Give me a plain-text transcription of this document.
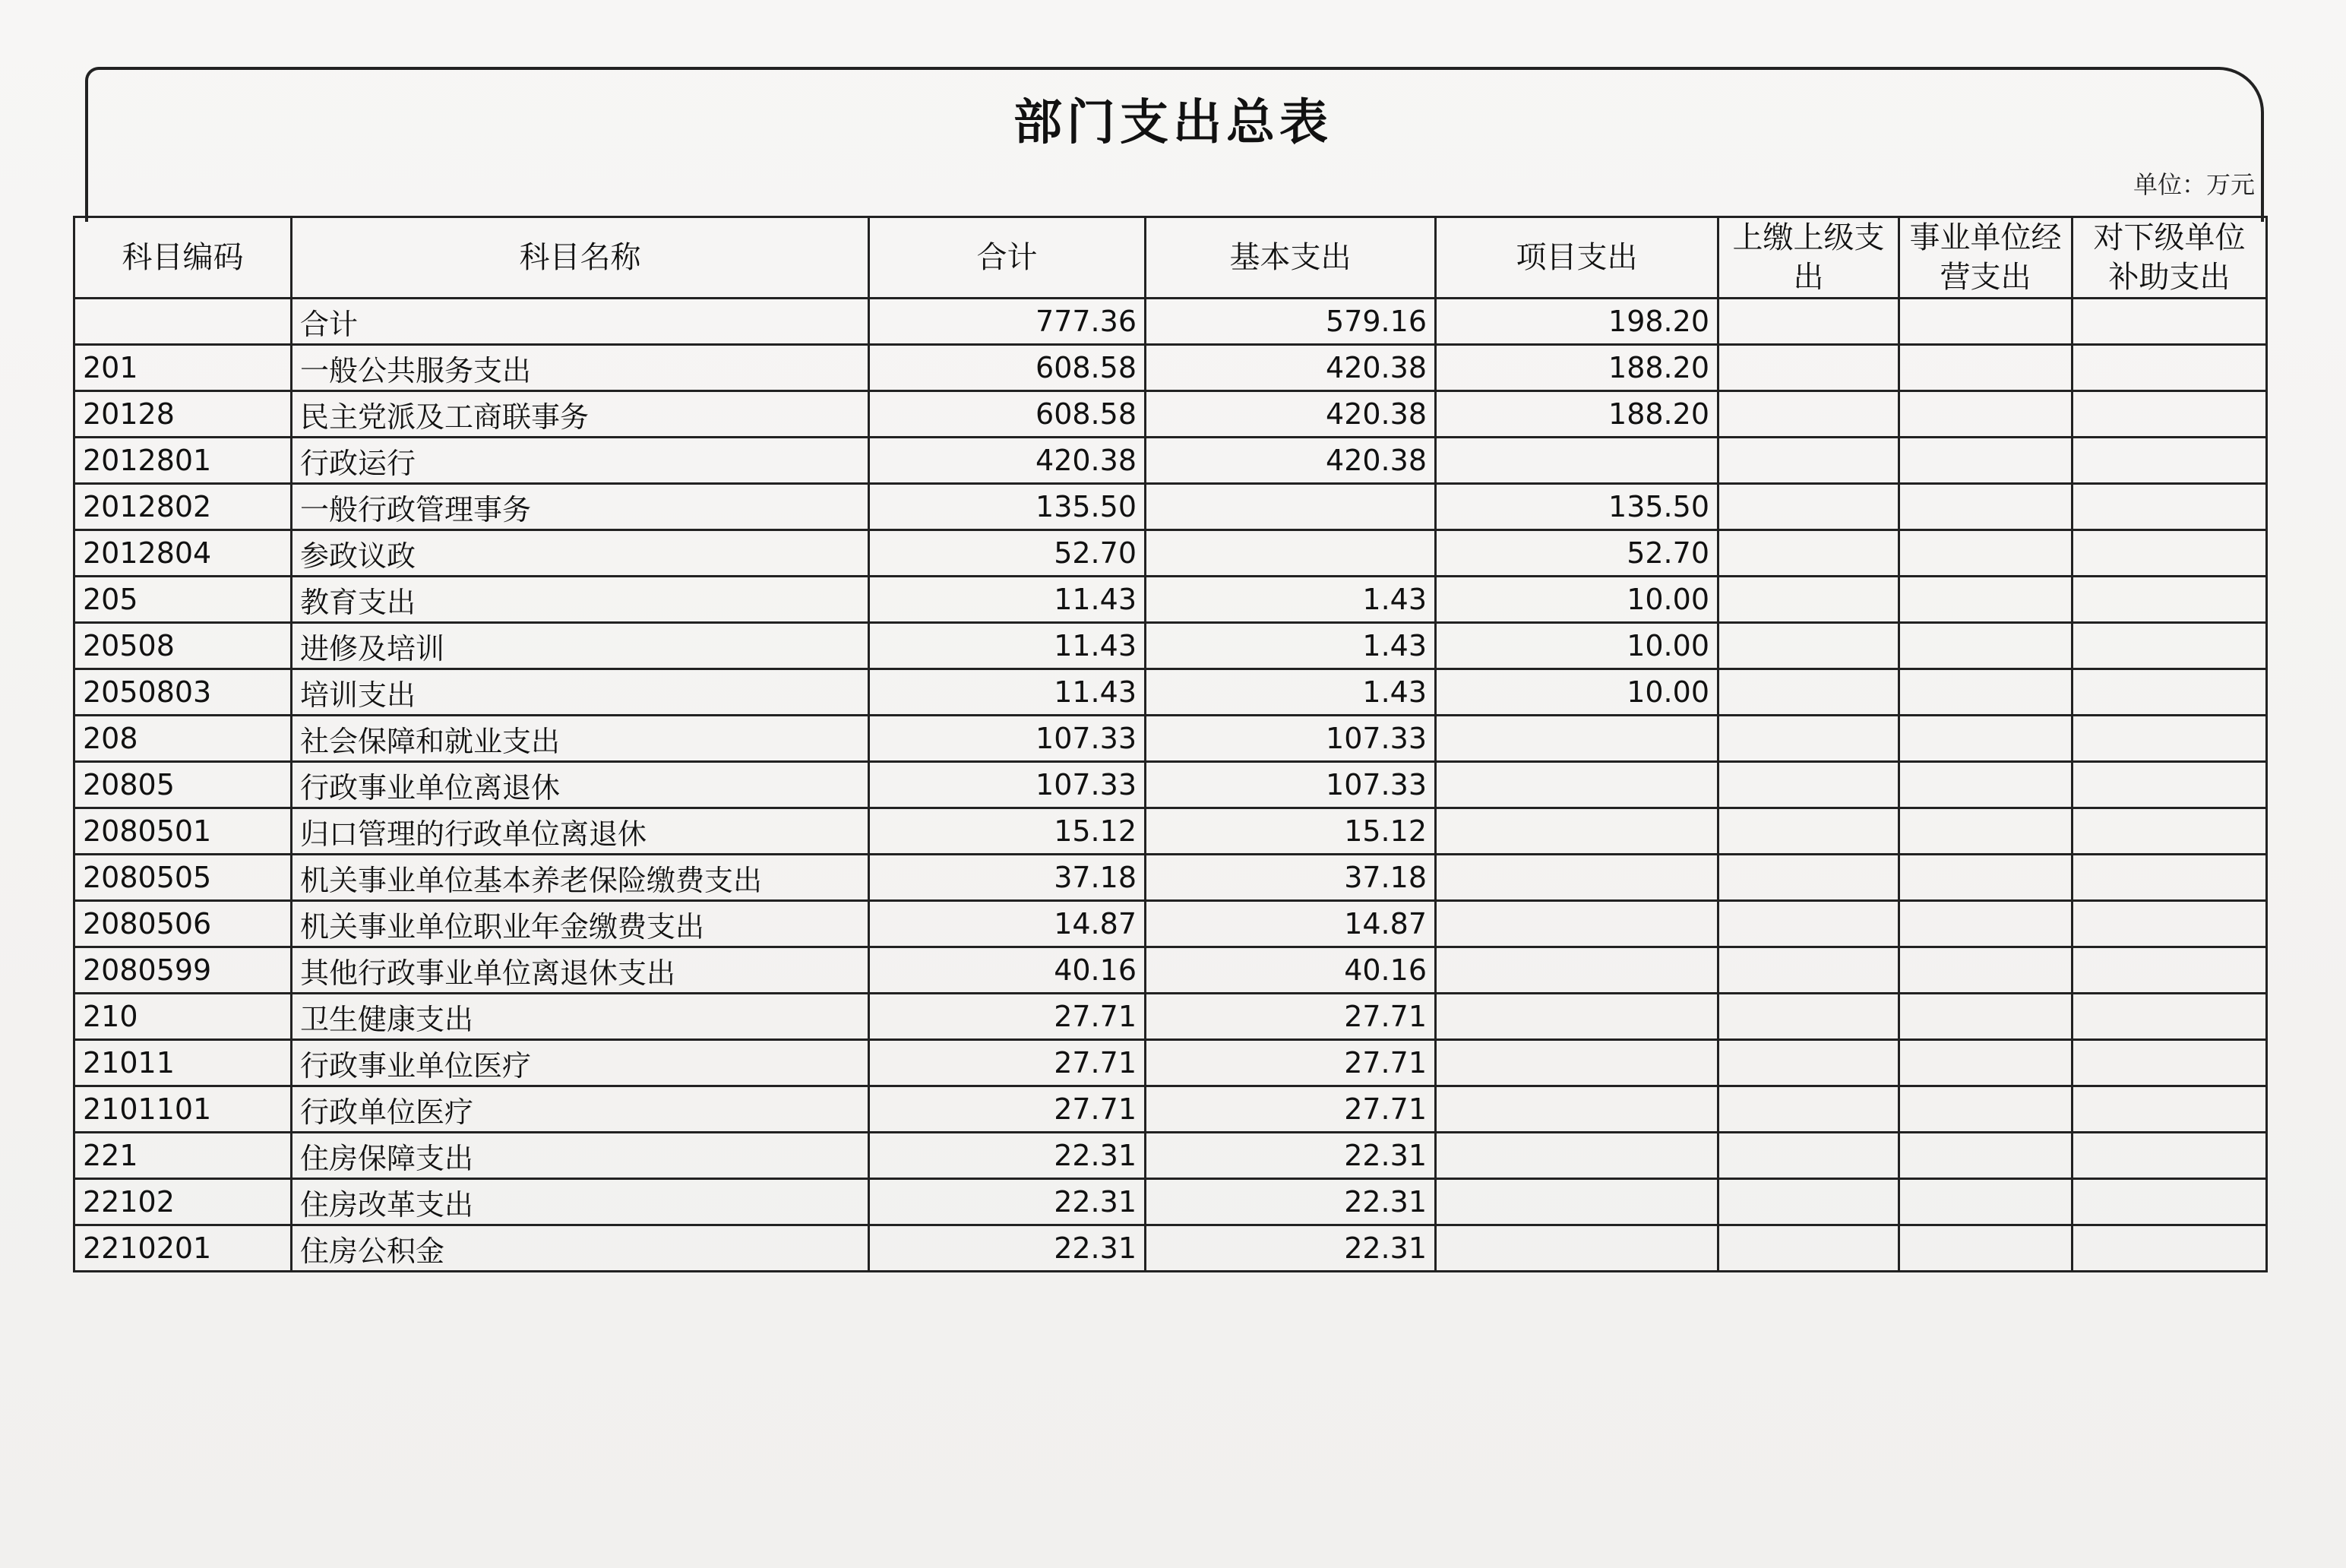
部门支出总表
单位：万元
科目编码	科目名称	合计	基本支出	项目支出	上缴上级支出	事业单位经营支出	对下级单位补助支出
	合计	777.36	579.16	198.20			
201	一般公共服务支出	608.58	420.38	188.20			
20128	民主党派及工商联事务	608.58	420.38	188.20			
2012801	行政运行	420.38	420.38				
2012802	一般行政管理事务	135.50		135.50			
2012804	参政议政	52.70		52.70			
205	教育支出	11.43	1.43	10.00			
20508	进修及培训	11.43	1.43	10.00			
2050803	培训支出	11.43	1.43	10.00			
208	社会保障和就业支出	107.33	107.33				
20805	行政事业单位离退休	107.33	107.33				
2080501	归口管理的行政单位离退休	15.12	15.12				
2080505	机关事业单位基本养老保险缴费支出	37.18	37.18				
2080506	机关事业单位职业年金缴费支出	14.87	14.87				
2080599	其他行政事业单位离退休支出	40.16	40.16				
210	卫生健康支出	27.71	27.71				
21011	行政事业单位医疗	27.71	27.71				
2101101	行政单位医疗	27.71	27.71				
221	住房保障支出	22.31	22.31				
22102	住房改革支出	22.31	22.31				
2210201	住房公积金	22.31	22.31				
